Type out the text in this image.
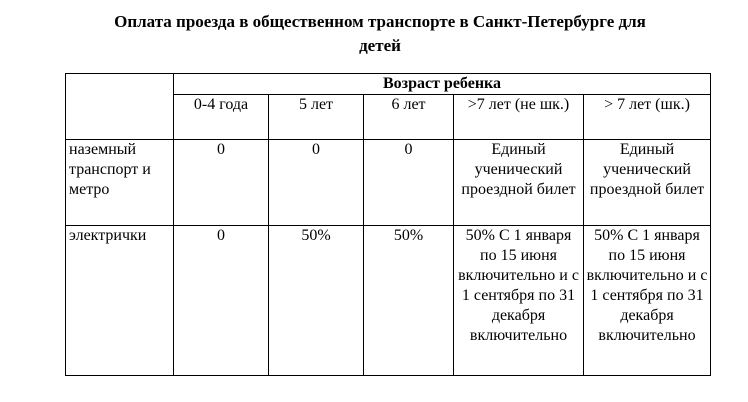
Оплата проезда в общественном транспорте в Санкт-Петербурге для
детей
	Возраст ребенка				
	0-4 года	5 лет	6 лет	>7 лет (не шк.)	> 7 лет (шк.)
наземный транспорт и метро	0	0	0	Единый ученический проездной билет	Единый ученический проездной билет
электрички	0	50%	50%	50% С 1 января по 15 июня включительно и с 1 сентября по 31 декабря включительно	50% С 1 января по 15 июня включительно и с 1 сентября по 31 декабря включительно
